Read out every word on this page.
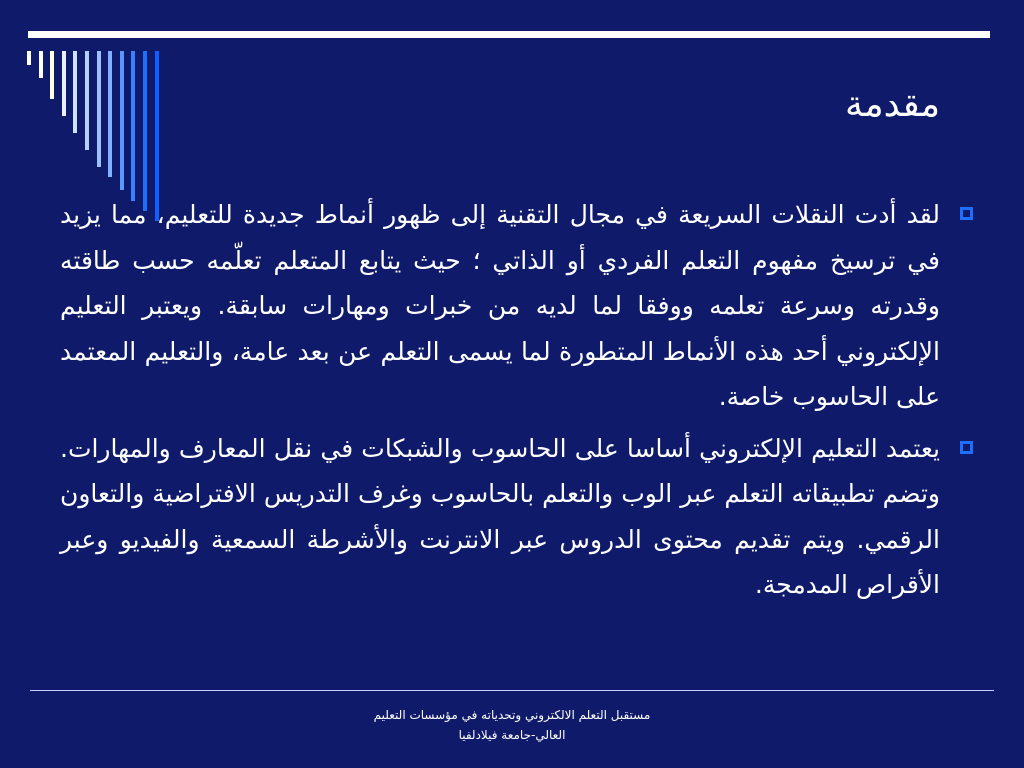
مقدمة
لقد أدت النقلات السريعة في مجال التقنية إلى ظهور أنماط جديدة للتعليم، مما يزيد في ترسيخ مفهوم التعلم الفردي أو الذاتي ؛ حيث يتابع المتعلم تعلّمه حسب طاقته وقدرته وسرعة تعلمه ووفقا لما لديه من خبرات ومهارات سابقة. ويعتبر التعليم الإلكتروني أحد هذه الأنماط المتطورة لما يسمى التعلم عن بعد عامة، والتعليم المعتمد على الحاسوب خاصة.
يعتمد التعليم الإلكتروني أساسا على الحاسوب والشبكات في نقل المعارف والمهارات. وتضم تطبيقاته التعلم عبر الوب والتعلم بالحاسوب وغرف التدريس الافتراضية والتعاون الرقمي. ويتم تقديم محتوى الدروس عبر الانترنت والأشرطة السمعية والفيديو وعبر الأقراص المدمجة.
مستقبل التعلم الالكتروني وتحدياته في مؤسسات التعليم
العالي-جامعة فيلادلفيا
